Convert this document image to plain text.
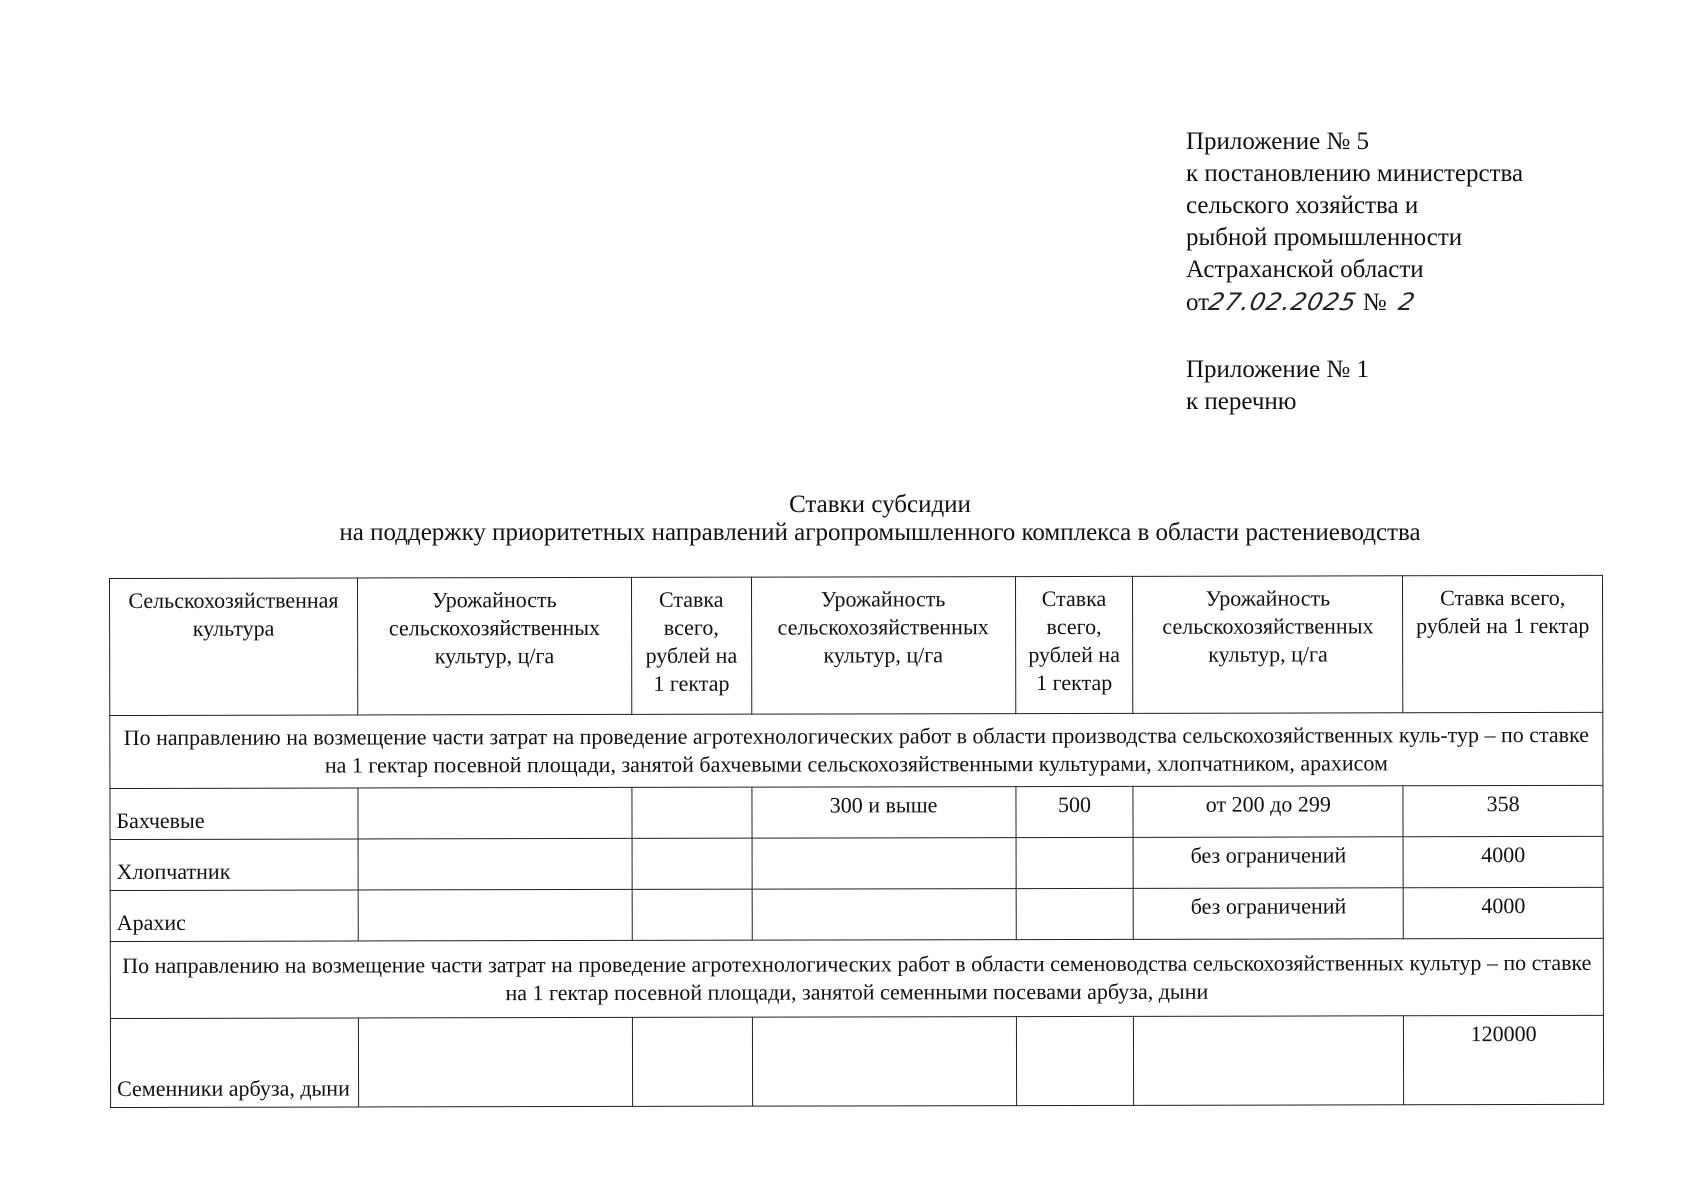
Приложение № 5
к постановлению министерства
сельского хозяйства и
рыбной промышленности
Астраханской области
от27.02.2025 № 2
Приложение № 1
к перечню
Ставки субсидии
на поддержку приоритетных направлений агропромышленного комплекса в области растениеводства
Сельскохозяйственная культура	Урожайность сельскохозяйственных культур, ц/га	Ставка всего, рублей на 1 гектар	Урожайность сельскохозяйственных культур, ц/га	Ставка всего, рублей на 1 гектар	Урожайность сельскохозяйственных культур, ц/га	Ставка всего, рублей на 1 гектар
По направлению на возмещение части затрат на проведение агротехнологических работ в области производства сельскохозяйственных куль-тур – по ставке на 1 гектар посевной площади, занятой бахчевыми сельскохозяйственными культурами, хлопчатником, арахисом						
Бахчевые			300 и выше	500	от 200 до 299	358
Хлопчатник					без ограничений	4000
Арахис					без ограничений	4000
По направлению на возмещение части затрат на проведение агротехнологических работ в области семеноводства сельскохозяйственных культур – по ставке на 1 гектар посевной площади, занятой семенными посевами арбуза, дыни						
Семенники арбуза, дыни						120000
